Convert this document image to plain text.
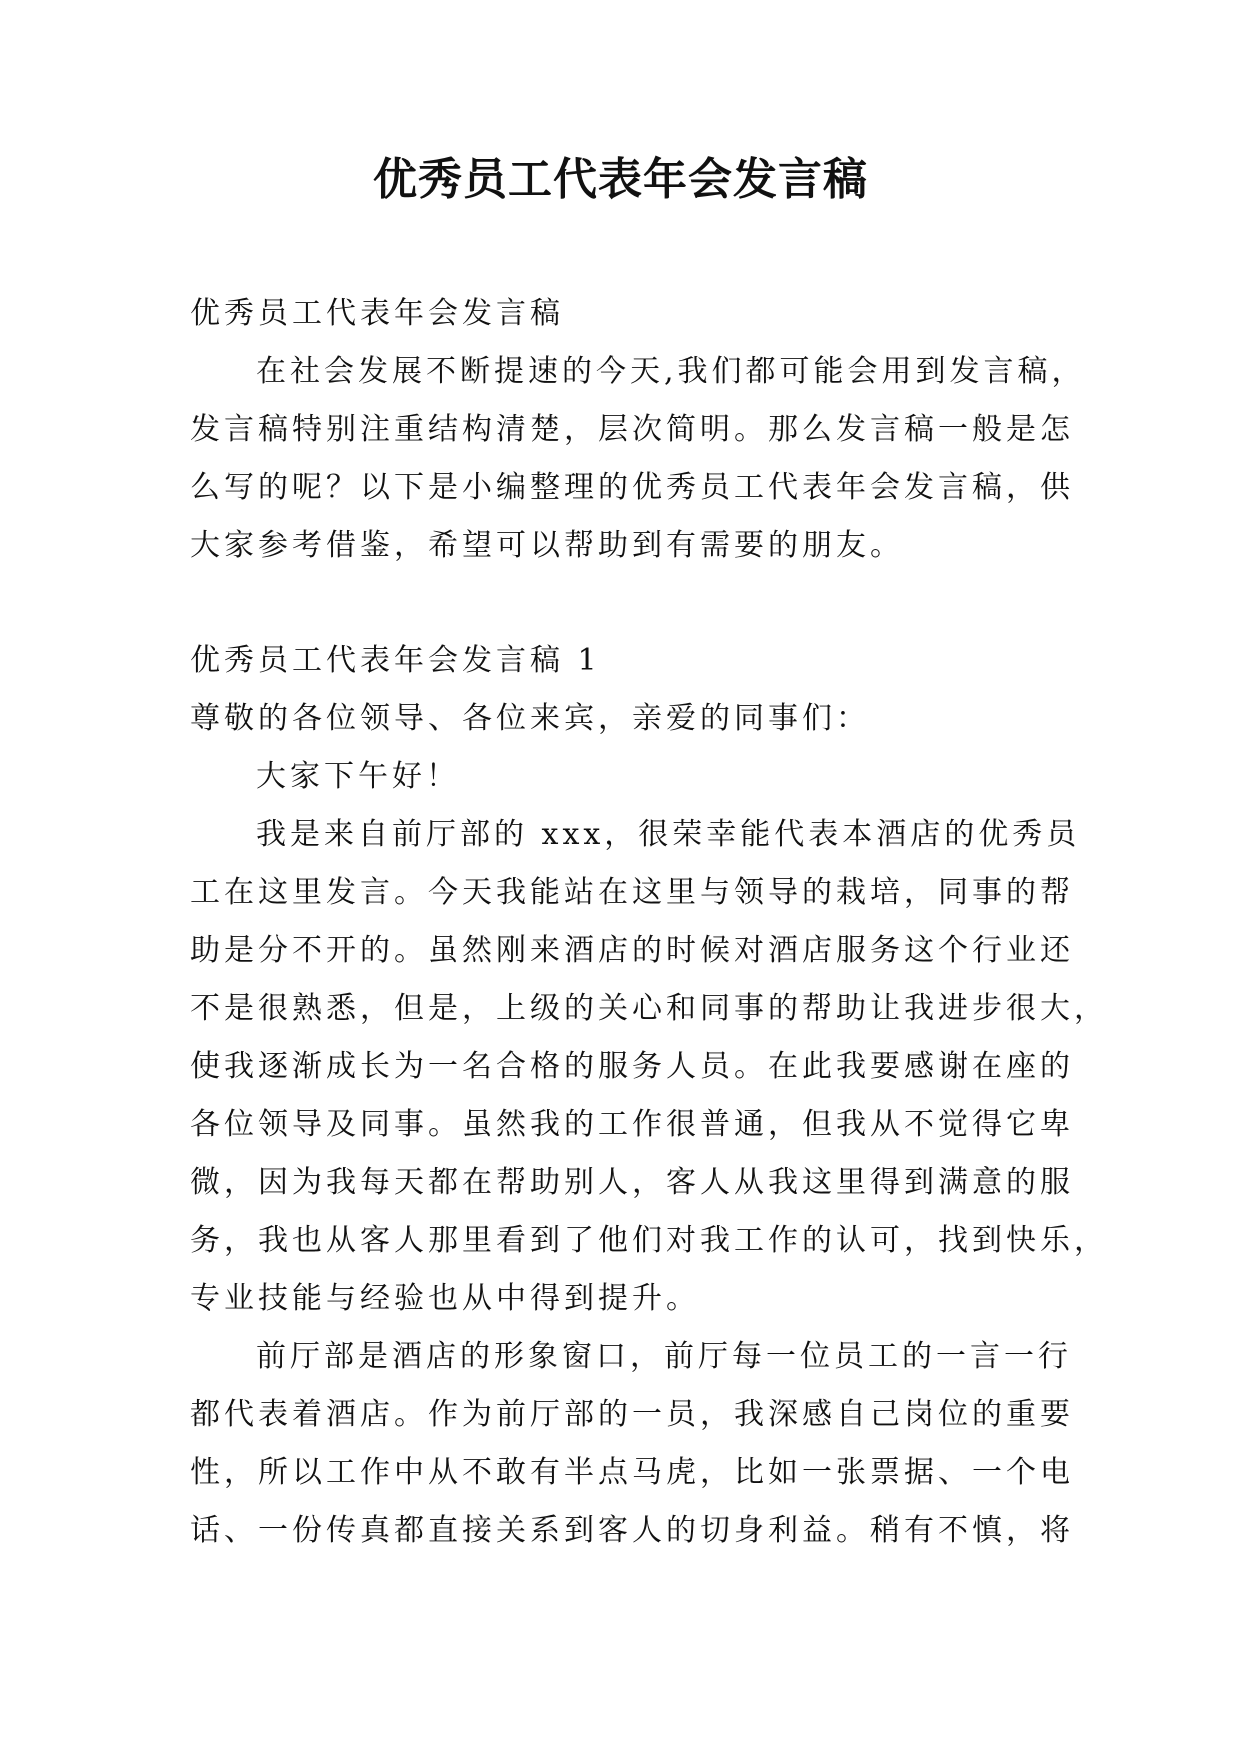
优秀员工代表年会发言稿
优秀员工代表年会发言稿
在社会发展不断提速的今天,我们都可能会用到发言稿，
发言稿特别注重结构清楚，层次简明。那么发言稿一般是怎
么写的呢？以下是小编整理的优秀员工代表年会发言稿，供
大家参考借鉴，希望可以帮助到有需要的朋友。
优秀员工代表年会发言稿 1
尊敬的各位领导、各位来宾，亲爱的同事们：
大家下午好！
我是来自前厅部的 xxx，很荣幸能代表本酒店的优秀员
工在这里发言。今天我能站在这里与领导的栽培，同事的帮
助是分不开的。虽然刚来酒店的时候对酒店服务这个行业还
不是很熟悉，但是，上级的关心和同事的帮助让我进步很大，
使我逐渐成长为一名合格的服务人员。在此我要感谢在座的
各位领导及同事。虽然我的工作很普通，但我从不觉得它卑
微，因为我每天都在帮助别人，客人从我这里得到满意的服
务，我也从客人那里看到了他们对我工作的认可，找到快乐，
专业技能与经验也从中得到提升。
前厅部是酒店的形象窗口，前厅每一位员工的一言一行
都代表着酒店。作为前厅部的一员，我深感自己岗位的重要
性，所以工作中从不敢有半点马虎，比如一张票据、一个电
话、一份传真都直接关系到客人的切身利益。稍有不慎，将
